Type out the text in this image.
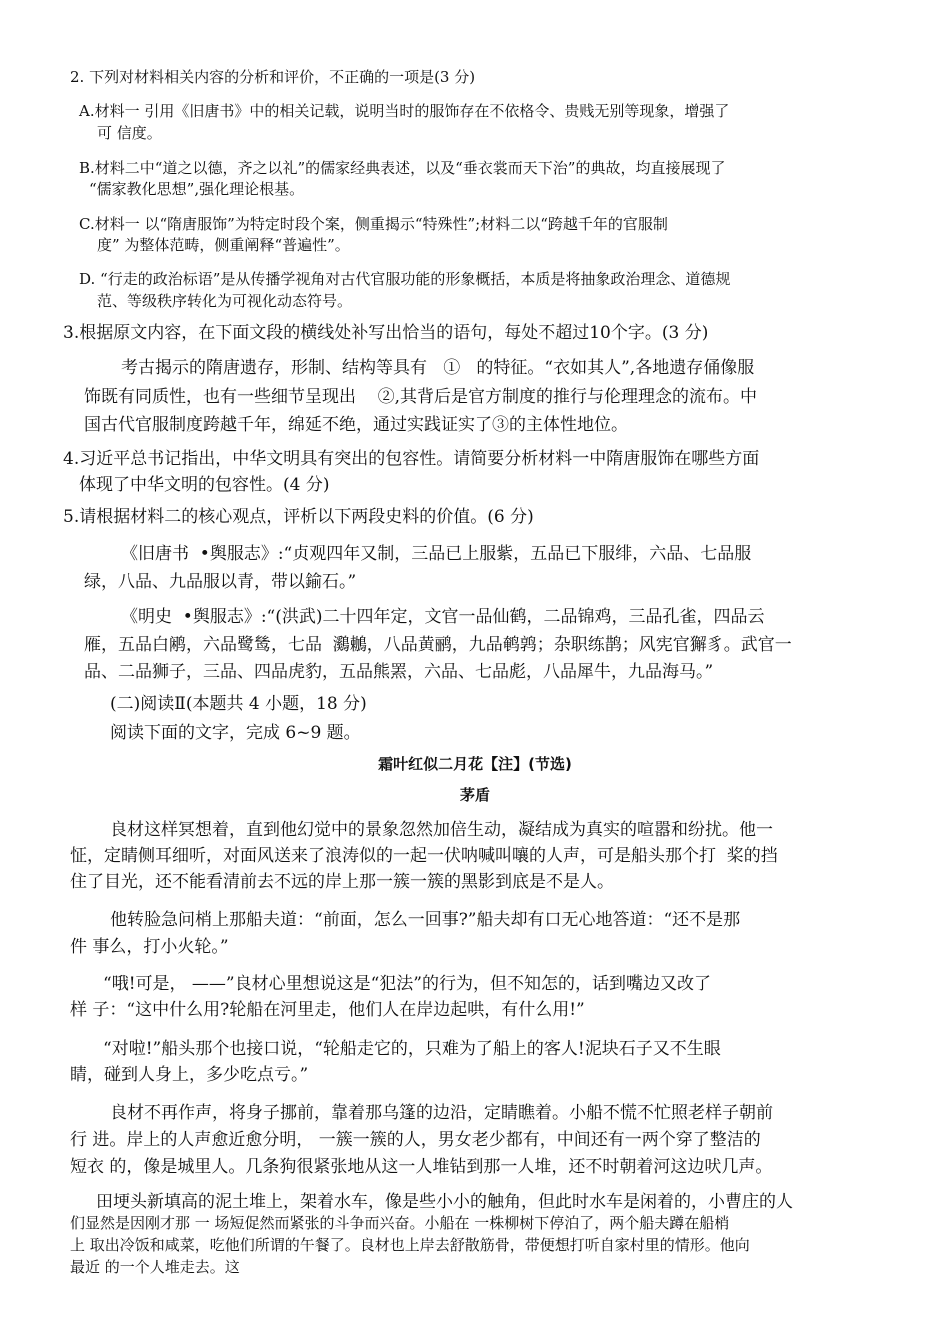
2. 下列对材料相关内容的分析和评价，不正确的一项是(3 分)
A.材料一 引用《旧唐书》中的相关记载，说明当时的服饰存在不依格令、贵贱无别等现象，增强了
可 信度。
B.材料二中“道之以德，齐之以礼”的儒家经典表述，以及“垂衣裳而天下治”的典故，均直接展现了
“儒家教化思想”,强化理论根基。
C.材料一 以“隋唐服饰”为特定时段个案，侧重揭示“特殊性”;材料二以“跨越千年的官服制
度” 为整体范畴，侧重阐释“普遍性”。
D. “行走的政治标语”是从传播学视角对古代官服功能的形象概括，本质是将抽象政治理念、道德规
范、等级秩序转化为可视化动态符号。
3.根据原文内容，在下面文段的横线处补写出恰当的语句，每处不超过10个字。(3 分)
考古揭示的隋唐遗存，形制、结构等具有   ①   的特征。“衣如其人”,各地遗存俑像服
饰既有同质性，也有一些细节呈现出    ②,其背后是官方制度的推行与伦理理念的流布。中
国古代官服制度跨越千年，绵延不绝，通过实践证实了③的主体性地位。
4.习近平总书记指出，中华文明具有突出的包容性。请简要分析材料一中隋唐服饰在哪些方面
体现了中华文明的包容性。(4 分)
5.请根据材料二的核心观点，评析以下两段史料的价值。(6 分)
《旧唐书  •舆服志》:“贞观四年又制，三品已上服紫，五品已下服绯，六品、七品服
绿，八品、九品服以青，带以鍮石。”
《明史  •舆服志》:“(洪武)二十四年定，文官一品仙鹤，二品锦鸡，三品孔雀，四品云
雁，五品白鹇，六品鹭鸶，七品  鸂鶒，八品黄鹂，九品鹌鹑；杂职练鹊；风宪官獬豸。武官一
品、二品狮子，三品、四品虎豹，五品熊罴，六品、七品彪，八品犀牛，九品海马。”
(二)阅读Ⅱ(本题共 4 小题，18 分)
阅读下面的文字，完成 6~9 题。
霜叶红似二月花【注】(节选)
茅盾
良材这样冥想着，直到他幻觉中的景象忽然加倍生动，凝结成为真实的喧嚣和纷扰。他一
怔，定睛侧耳细听，对面风送来了浪涛似的一起一伏呐喊叫嚷的人声，可是船头那个打  桨的挡
住了目光，还不能看清前去不远的岸上那一簇一簇的黑影到底是不是人。
他转脸急问梢上那船夫道：“前面，怎么一回事?”船夫却有口无心地答道：“还不是那
件 事么，打小火轮。”
“哦!可是， ——”良材心里想说这是“犯法”的行为，但不知怎的，话到嘴边又改了
样 子：“这中什么用?轮船在河里走，他们人在岸边起哄，有什么用!”
“对啦!”船头那个也接口说，“轮船走它的，只难为了船上的客人!泥块石子又不生眼
睛，碰到人身上，多少吃点亏。”
良材不再作声，将身子挪前，靠着那乌篷的边沿，定睛瞧着。小船不慌不忙照老样子朝前
行 进。岸上的人声愈近愈分明， 一簇一簇的人，男女老少都有，中间还有一两个穿了整洁的
短衣 的，像是城里人。几条狗很紧张地从这一人堆钻到那一人堆，还不时朝着河这边吠几声。
田埂头新填高的泥土堆上，架着水车，像是些小小的触角，但此时水车是闲着的，小曹庄的人
们显然是因刚才那 一 场短促然而紧张的斗争而兴奋。小船在 一株柳树下停泊了，两个船夫蹲在船梢
上 取出冷饭和咸菜，吃他们所谓的午餐了。良材也上岸去舒散筋骨，带便想打听自家村里的情形。他向
最近 的一个人堆走去。这
